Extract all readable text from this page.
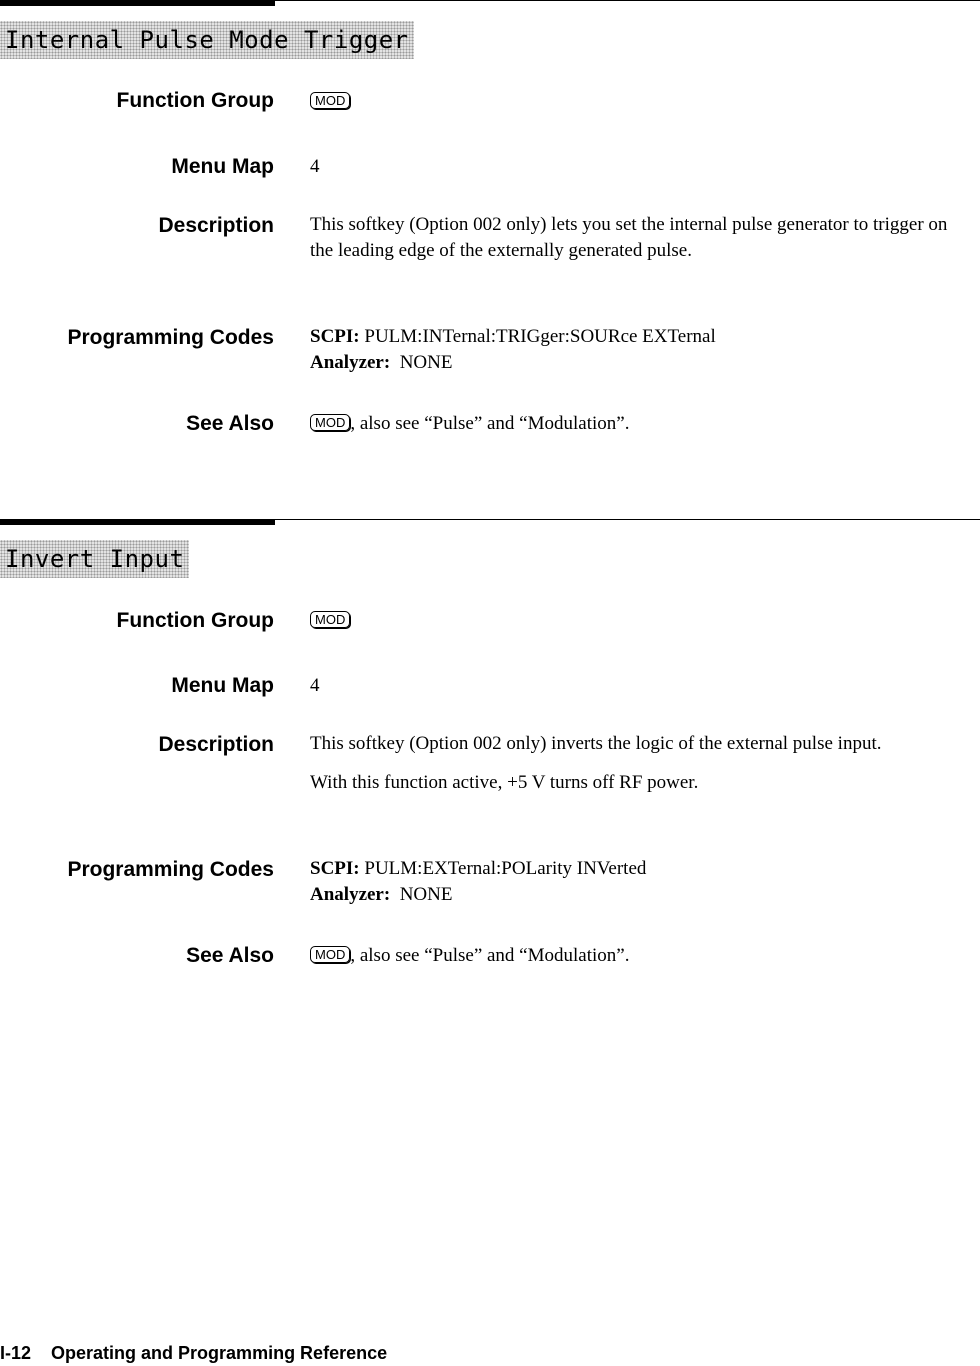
Internal Pulse Mode Trigger
Function Group	MOD
Menu Map 4
Description This softkey (Option 002 only) lets you set the internal pulse generator to trigger on the leading edge of the externally generated pulse.

Programming Codes SCPI: PULM:INTernal:TRIGger:SOURce EXTernal

Analyzer: NONE

See Also	MOD , also see “Pulse” and “Modulation”.
Invert Input
Function Group	MOD
Menu Map 4
Description This softkey (Option 002 only) inverts the logic of the external pulse input.

With this function active, +5 V turns off RF power.

Programming Codes SCPI: PULM:EXTernal:POLarity INVerted

Analyzer: NONE

See Also	MOD , also see “Pulse” and “Modulation”.
I-12 Operating and Programming Reference
